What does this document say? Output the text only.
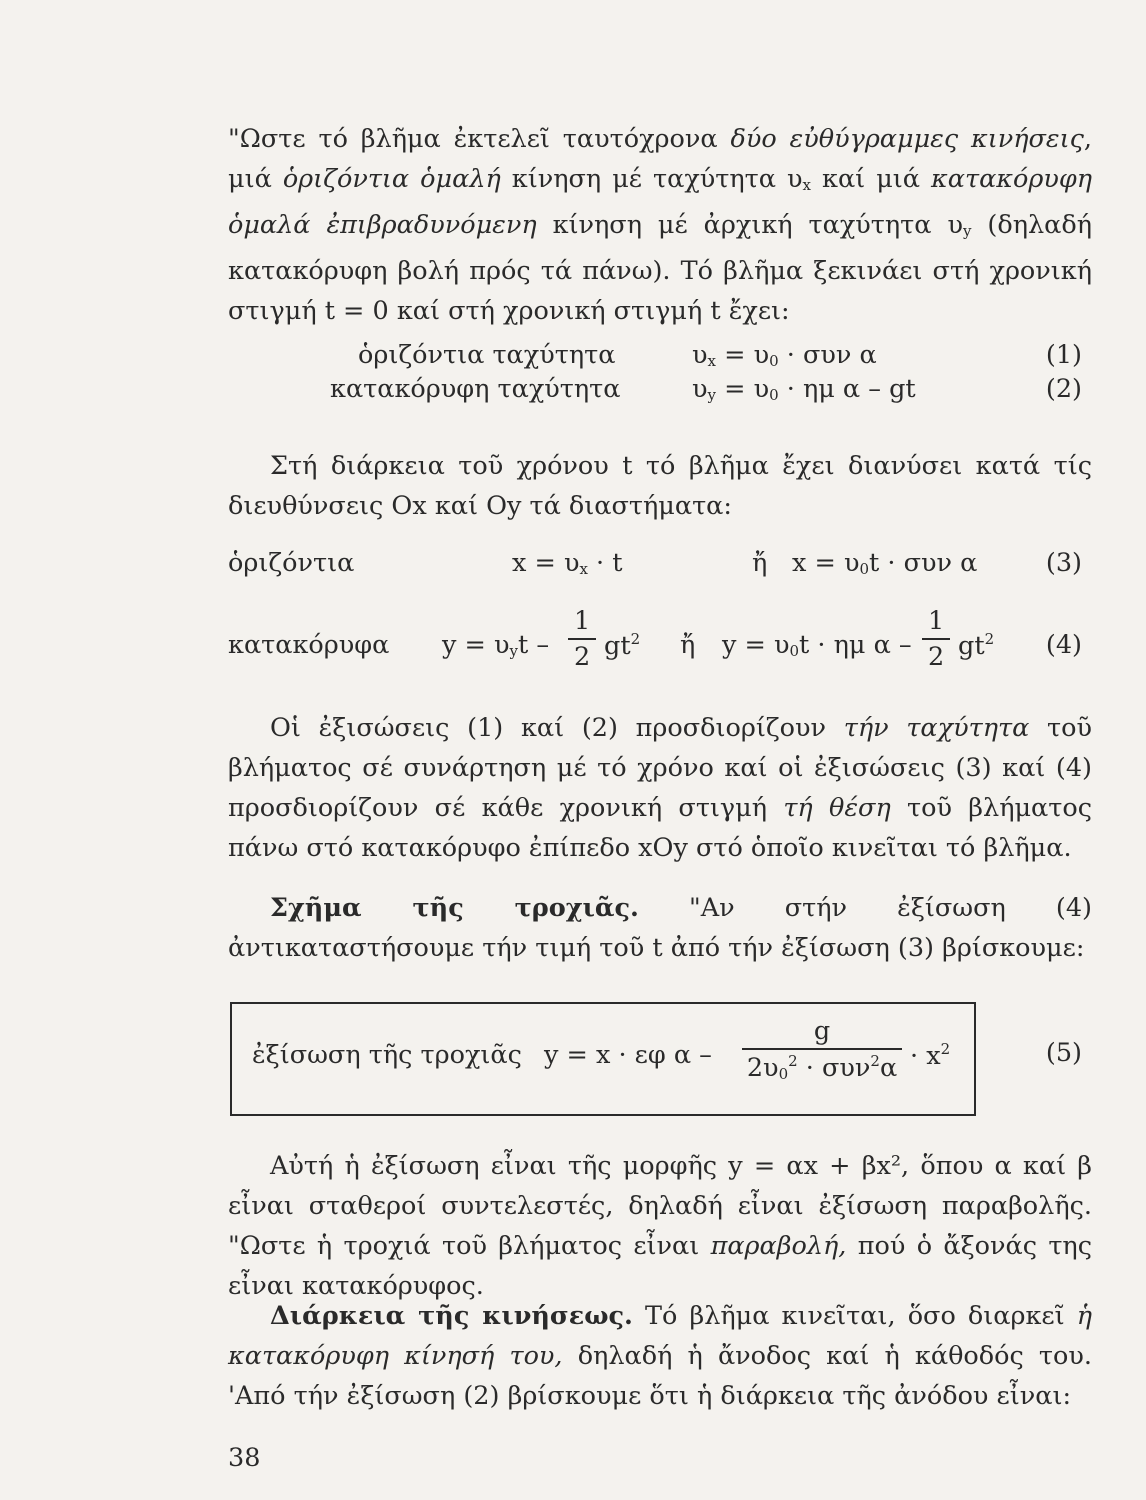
"Ωστε τό βλῆμα ἐκτελεῖ ταυτόχρονα δύο εὐθύγραμμες κινήσεις, μιά ὁριζόντια ὁμαλή κίνηση μέ ταχύτητα $\upsilon_x$ καί μιά κατακόρυφη ὁμαλά ἐπιβραδυνόμενη κίνηση μέ ἀρχική ταχύτητα $\upsilon_y$ (δηλαδή κατακόρυφη βολή πρός τά πάνω). Τό βλῆμα ξεκινάει στή χρονική στιγμή t = 0 καί στή χρονική στιγμή t ἔχει:

ὁριζόντια ταχύτητα	$\upsilon_x = \upsilon_0 \cdot \sigma\upsilon\nu$ α	(1)
κατακόρυφη ταχύτητα	$\upsilon_y = \upsilon_0 \cdot \eta\mu$ α – gt	(2)

Στή διάρκεια τοῦ χρόνου t τό βλῆμα ἔχει διανύσει κατά τίς διευθύνσεις Ox καί Oy τά διαστήματα:

ὁριζόντια	$x = \upsilon_x \cdot t$	ἤ $x = \upsilon_0t \cdot \sigma\upsilon\nu$ α	(3)
κατακόρυφα $y = \upsilon_yt - \frac{1}{2} gt^2$ ἤ $y = \upsilon_0t \cdot \eta\mu$ α – $\frac{1}{2} gt^2$ (4)

Οἱ ἐξισώσεις (1) καί (2) προσδιορίζουν τήν ταχύτητα τοῦ βλήματος σέ συνάρτηση μέ τό χρόνο καί οἱ ἐξισώσεις (3) καί (4) προσδιορίζουν σέ κάθε χρονική στιγμή τή θέση τοῦ βλήματος πάνω στό κατακόρυφο ἐπίπεδο xOy στό ὁποῖο κινεῖται τό βλῆμα.

Σχῆμα τῆς τροχιᾶς. "Αν στήν ἐξίσωση (4) ἀντικαταστήσουμε τήν τιμή τοῦ t ἀπό τήν ἐξίσωση (3) βρίσκουμε:

ἐξίσωση τῆς τροχιᾶς y = x · εφ α –
g
$2\upsilon_0^2 \cdot \sigma\upsilon\nu^2\alpha \cdot x^2$	(5)

Αὐτή ἡ ἐξίσωση εἶναι τῆς μορφῆς y = αx + βx², ὅπου α καί β εἶναι σταθεροί συντελεστές, δηλαδή εἶναι ἐξίσωση παραβολῆς. "Ωστε ἡ τροχιά τοῦ βλήματος εἶναι παραβολή, πού ὁ ἄξονάς της εἶναι κατακόρυφος.

Διάρκεια τῆς κινήσεως. Τό βλῆμα κινεῖται, ὅσο διαρκεῖ ἡ κατακόρυφη κίνησή του, δηλαδή ἡ ἄνοδος καί ἡ κάθοδός του. 'Από τήν ἐξίσωση (2) βρίσκουμε ὅτι ἡ διάρκεια τῆς ἀνόδου εἶναι:

38
